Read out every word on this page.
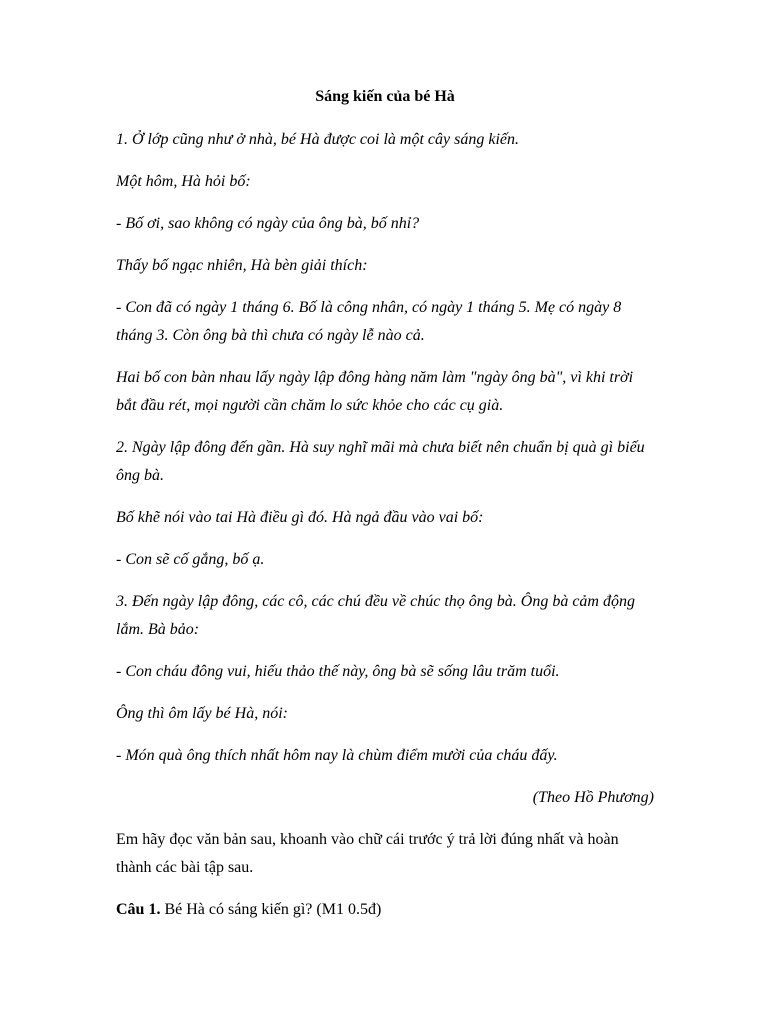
Sáng kiến của bé Hà
1. Ở lớp cũng như ở nhà, bé Hà được coi là một cây sáng kiến.
Một hôm, Hà hỏi bố:
- Bố ơi, sao không có ngày của ông bà, bố nhỉ?
Thấy bố ngạc nhiên, Hà bèn giải thích:
- Con đã có ngày 1 tháng 6. Bố là công nhân, có ngày 1 tháng 5. Mẹ có ngày 8 tháng 3. Còn ông bà thì chưa có ngày lễ nào cả.
Hai bố con bàn nhau lấy ngày lập đông hàng năm làm "ngày ông bà", vì khi trời bắt đầu rét, mọi người cần chăm lo sức khỏe cho các cụ già.
2. Ngày lập đông đến gần. Hà suy nghĩ mãi mà chưa biết nên chuẩn bị quà gì biếu ông bà.
Bố khẽ nói vào tai Hà điều gì đó. Hà ngả đầu vào vai bố:
- Con sẽ cố gắng, bố ạ.
3. Đến ngày lập đông, các cô, các chú đều về chúc thọ ông bà. Ông bà cảm động lắm. Bà bảo:
- Con cháu đông vui, hiếu thảo thế này, ông bà sẽ sống lâu trăm tuổi.
Ông thì ôm lấy bé Hà, nói:
- Món quà ông thích nhất hôm nay là chùm điểm mười của cháu đấy.
(Theo Hồ Phương)
Em hãy đọc văn bản sau, khoanh vào chữ cái trước ý trả lời đúng nhất và hoàn thành các bài tập sau.
Câu 1. Bé Hà có sáng kiến gì? (M1 0.5đ)
